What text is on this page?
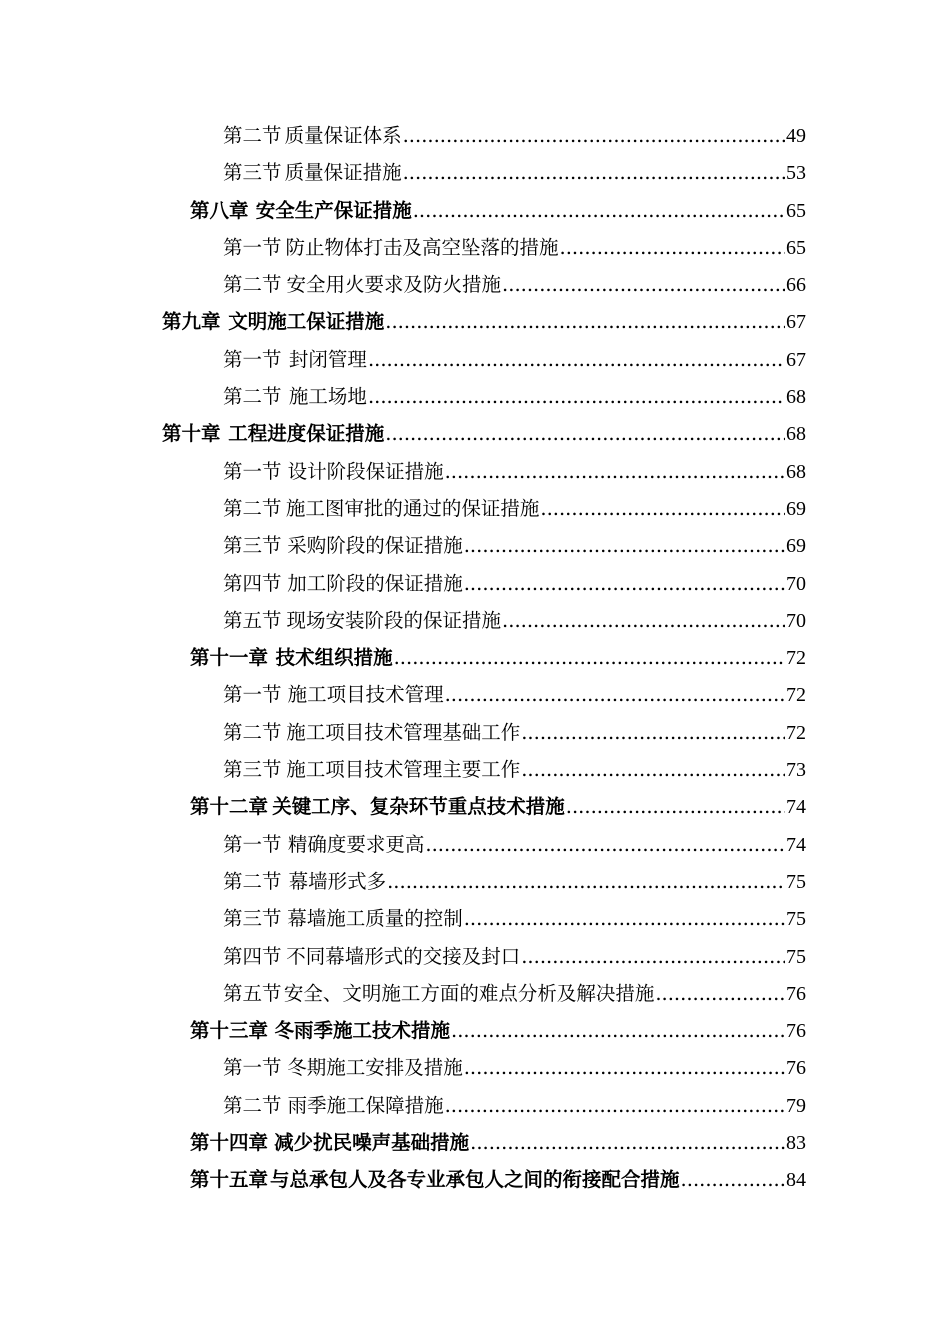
第二节 质量保证体系 .....	49
第三节 质量保证措施 .....	53
第八章 安全生产保证措施 .....	65
第一节 防止物体打击及高空坠落的措施 .....	65
第二节 安全用火要求及防火措施 .....	66
第九章 文明施工保证措施 .....	67
第一节 封闭管理 .....	67
第二节 施工场地 .....	68
第十章 工程进度保证措施 .....	68
第一节 设计阶段保证措施 .....	68
第二节 施工图审批的通过的保证措施 .....	69
第三节 采购阶段的保证措施 .....	69
第四节 加工阶段的保证措施 .....	70
第五节 现场安装阶段的保证措施 .....	70
第十一章 技术组织措施 .....	72
第一节 施工项目技术管理 .....	72
第二节 施工项目技术管理基础工作 .....	72
第三节 施工项目技术管理主要工作 .....	73
第十二章 关键工序、复杂环节重点技术措施 .....	74
第一节 精确度要求更高 .....	74
第二节 幕墙形式多 .....	75
第三节 幕墙施工质量的控制 .....	75
第四节 不同幕墙形式的交接及封口 .....	75
第五节 安全、文明施工方面的难点分析及解决措施 .....	76
第十三章 冬雨季施工技术措施 .....	76
第一节 冬期施工安排及措施 .....	76
第二节 雨季施工保障措施 .....	79
第十四章 减少扰民噪声基础措施 .....	83
第十五章 与总承包人及各专业承包人之间的衔接配合措施 .....	84
